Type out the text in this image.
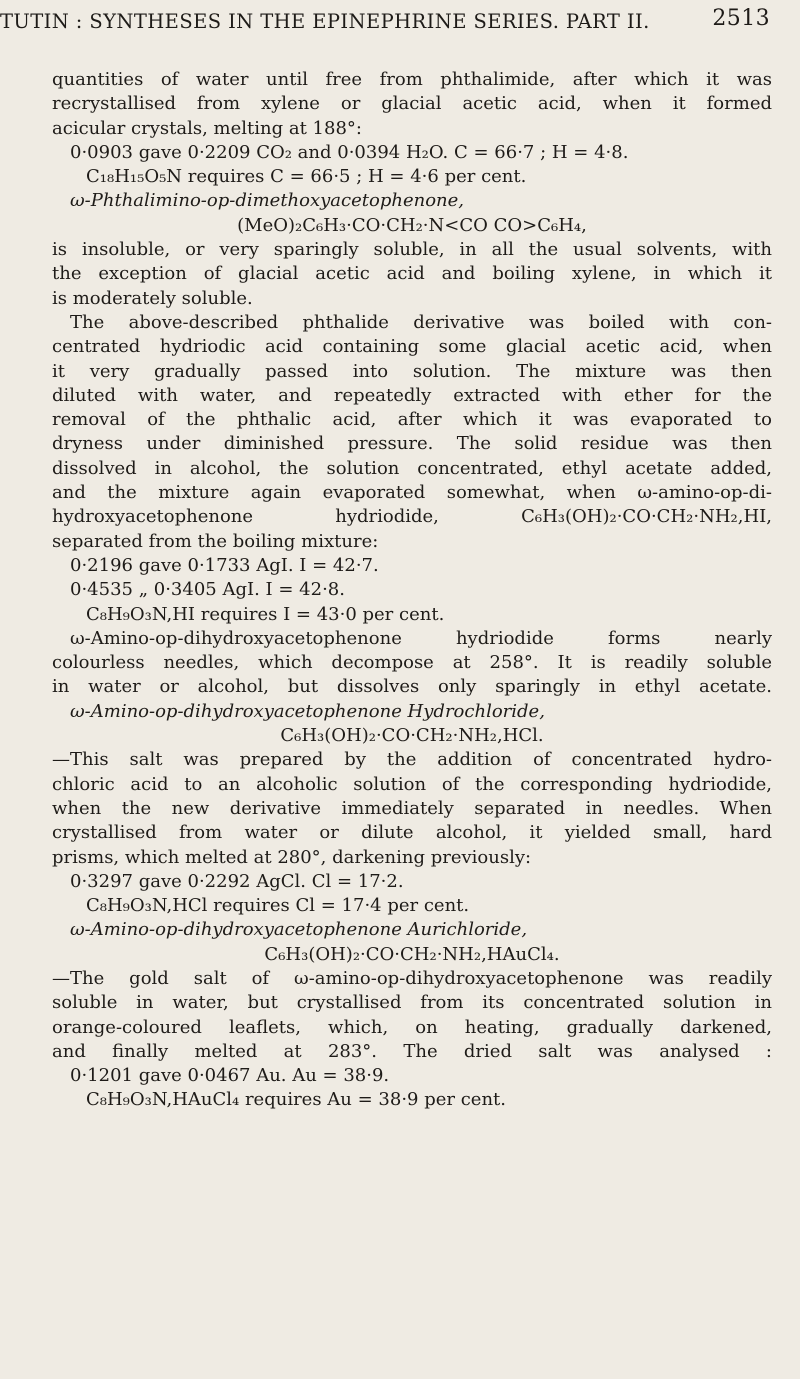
TUTIN : SYNTHESES IN THE EPINEPHRINE SERIES. PART II.	2513
quantities of water until free from phthalimide, after which it was
recrystallised from xylene or glacial acetic acid, when it formed
acicular crystals, melting at 188°:
0·0903 gave 0·2209 CO₂ and 0·0394 H₂O. C = 66·7 ; H = 4·8.
C₁₈H₁₅O₅N requires C = 66·5 ; H = 4·6 per cent.
ω-Phthalimino-op-dimethoxyacetophenone,
(MeO)₂C₆H₃·CO·CH₂·N<CO CO>C₆H₄,
is insoluble, or very sparingly soluble, in all the usual solvents, with
the exception of glacial acetic acid and boiling xylene, in which it
is moderately soluble.
The above-described phthalide derivative was boiled with con-
centrated hydriodic acid containing some glacial acetic acid, when
it very gradually passed into solution. The mixture was then
diluted with water, and repeatedly extracted with ether for the
removal of the phthalic acid, after which it was evaporated to
dryness under diminished pressure. The solid residue was then
dissolved in alcohol, the solution concentrated, ethyl acetate added,
and the mixture again evaporated somewhat, when ω-amino-op-di-
hydroxyacetophenone hydriodide, C₆H₃(OH)₂·CO·CH₂·NH₂,HI,
separated from the boiling mixture:
0·2196 gave 0·1733 AgI. I = 42·7.
0·4535 „ 0·3405 AgI. I = 42·8.
C₈H₉O₃N,HI requires I = 43·0 per cent.
ω-Amino-op-dihydroxyacetophenone hydriodide forms nearly
colourless needles, which decompose at 258°. It is readily soluble
in water or alcohol, but dissolves only sparingly in ethyl acetate.
ω-Amino-op-dihydroxyacetophenone Hydrochloride,
C₆H₃(OH)₂·CO·CH₂·NH₂,HCl.
—This salt was prepared by the addition of concentrated hydro-
chloric acid to an alcoholic solution of the corresponding hydriodide,
when the new derivative immediately separated in needles. When
crystallised from water or dilute alcohol, it yielded small, hard
prisms, which melted at 280°, darkening previously:
0·3297 gave 0·2292 AgCl. Cl = 17·2.
C₈H₉O₃N,HCl requires Cl = 17·4 per cent.
ω-Amino-op-dihydroxyacetophenone Aurichloride,
C₆H₃(OH)₂·CO·CH₂·NH₂,HAuCl₄.
—The gold salt of ω-amino-op-dihydroxyacetophenone was readily
soluble in water, but crystallised from its concentrated solution in
orange-coloured leaflets, which, on heating, gradually darkened,
and finally melted at 283°. The dried salt was analysed :
0·1201 gave 0·0467 Au. Au = 38·9.
C₈H₉O₃N,HAuCl₄ requires Au = 38·9 per cent.
